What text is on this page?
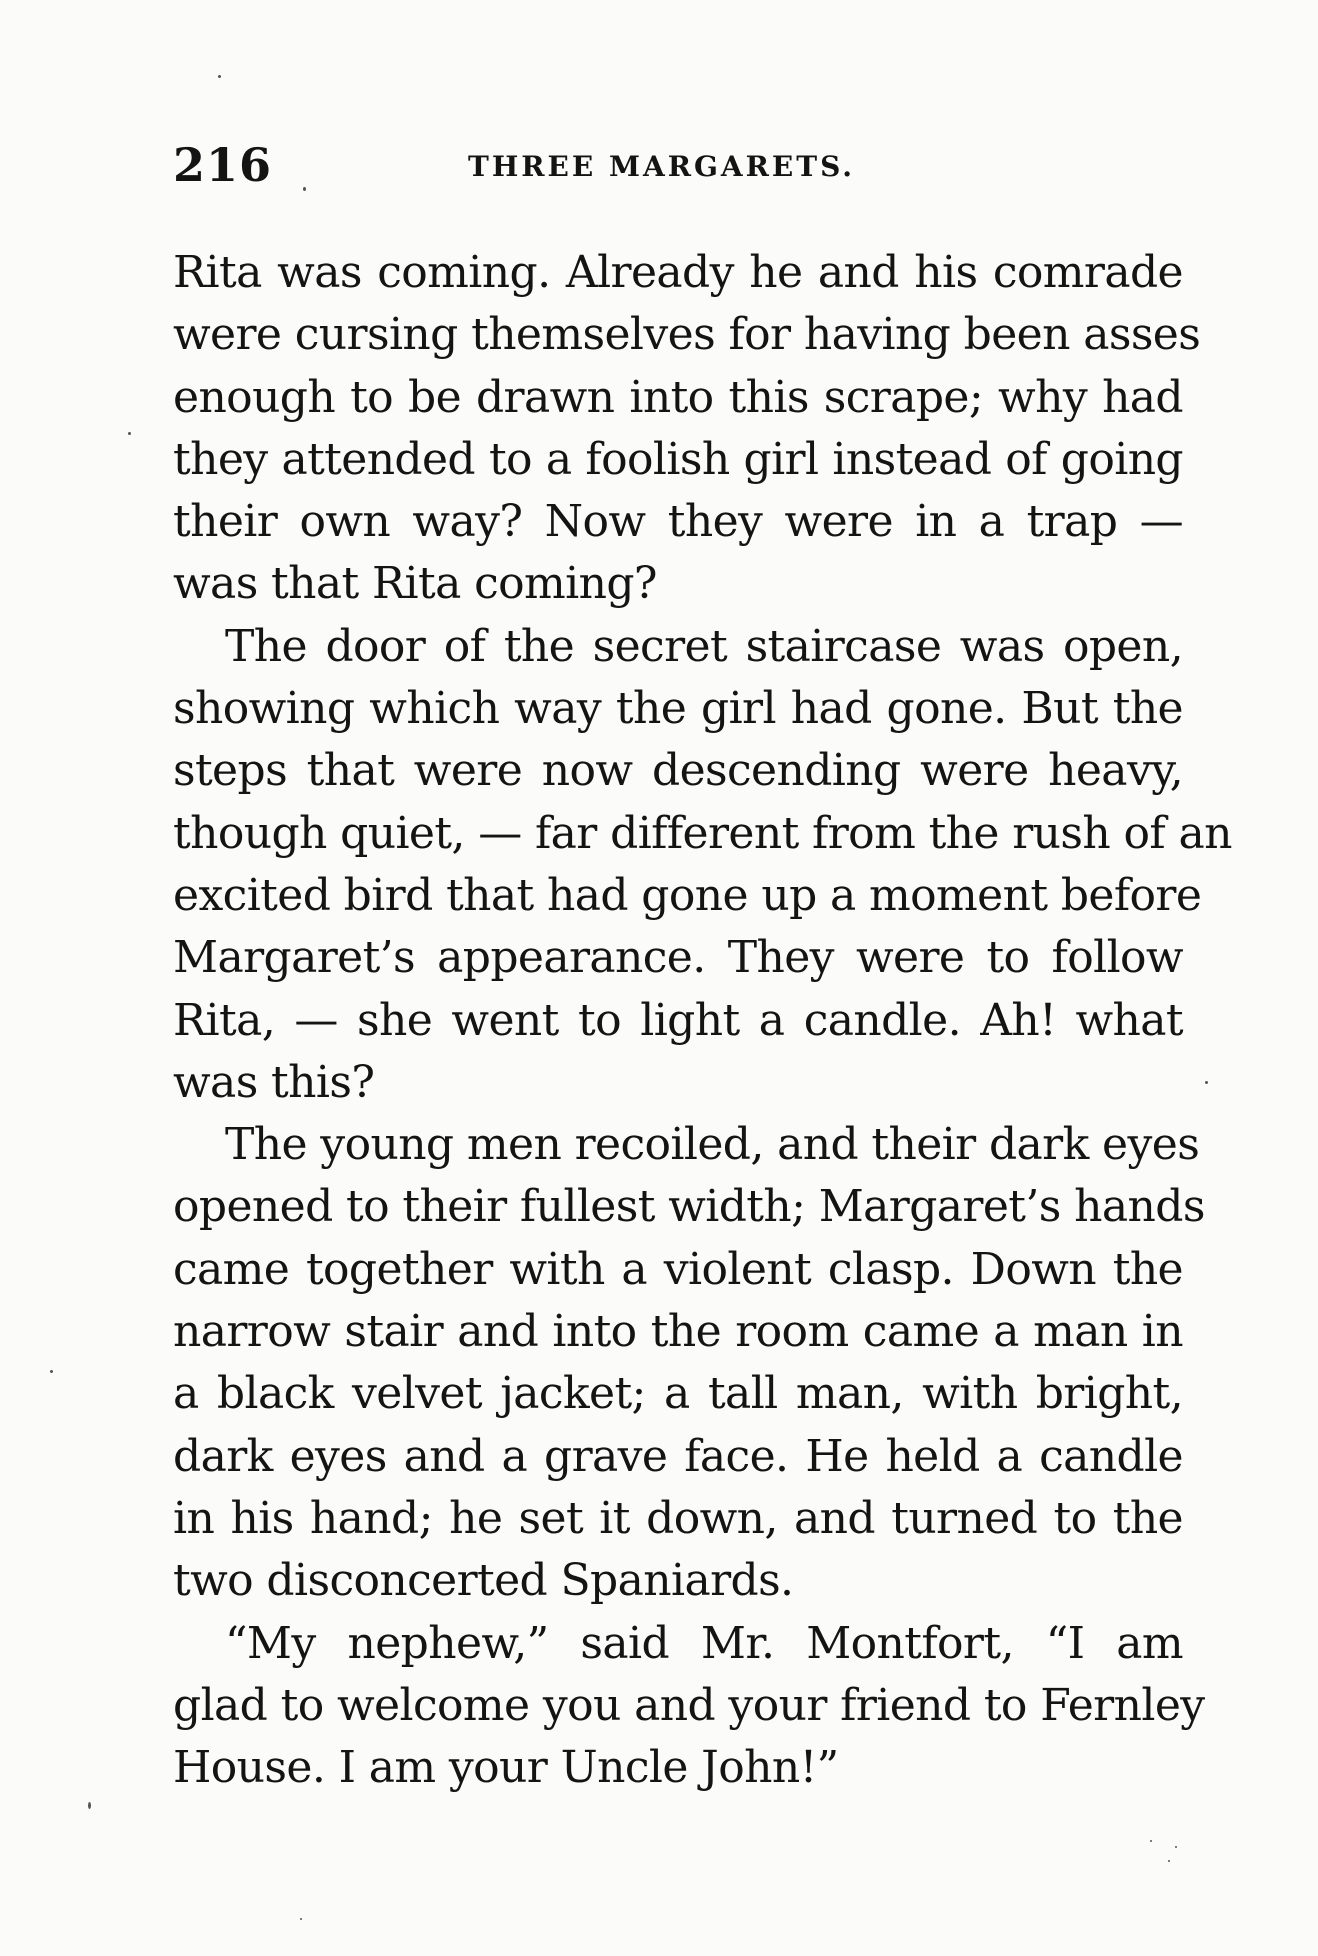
216	THREE MARGARETS.
Rita was coming. Already he and his comrade
were cursing themselves for having been asses
enough to be drawn into this scrape; why had
they attended to a foolish girl instead of going
their own way? Now they were in a trap —
was that Rita coming?
The door of the secret staircase was open,
showing which way the girl had gone. But the
steps that were now descending were heavy,
though quiet, — far different from the rush of an
excited bird that had gone up a moment before
Margaret’s appearance. They were to follow
Rita, — she went to light a candle. Ah! what
was this?
The young men recoiled, and their dark eyes
opened to their fullest width; Margaret’s hands
came together with a violent clasp. Down the
narrow stair and into the room came a man in
a black velvet jacket; a tall man, with bright,
dark eyes and a grave face. He held a candle
in his hand; he set it down, and turned to the
two disconcerted Spaniards.
“My nephew,” said Mr. Montfort, “I am
glad to welcome you and your friend to Fernley
House. I am your Uncle John!”
